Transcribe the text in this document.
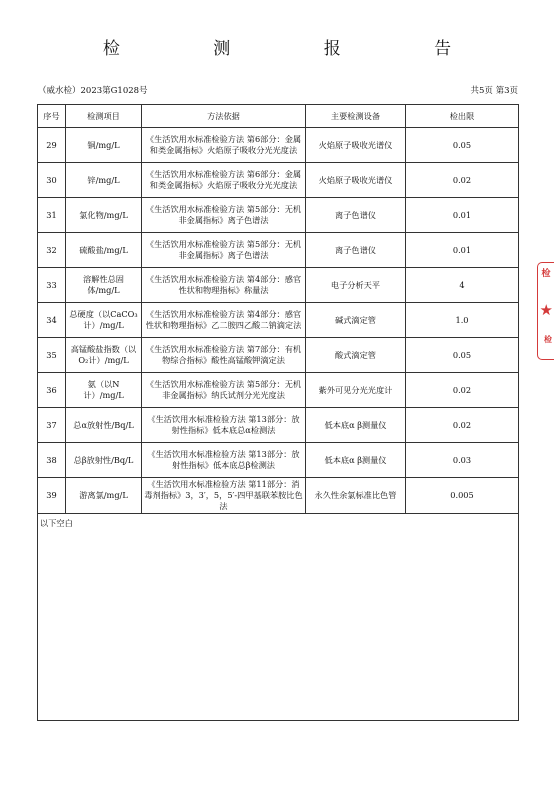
检 测 报 告
（威水检）2023第G1028号	共5页 第3页
序号	检测项目	方法依据	主要检测设备	检出限
29	铜/mg/L	《生活饮用水标准检验方法 第6部分：金属和类金属指标》火焰原子吸收分光光度法	火焰原子吸收光谱仪	0.05
30	锌/mg/L	《生活饮用水标准检验方法 第6部分：金属和类金属指标》火焰原子吸收分光光度法	火焰原子吸收光谱仪	0.02
31	氯化物/mg/L	《生活饮用水标准检验方法 第5部分：无机非金属指标》离子色谱法	离子色谱仪	0.01
32	硫酸盐/mg/L	《生活饮用水标准检验方法 第5部分：无机非金属指标》离子色谱法	离子色谱仪	0.01
33	溶解性总固体/mg/L	《生活饮用水标准检验方法 第4部分：感官性状和物理指标》称量法	电子分析天平	4
34	总硬度（以CaCO₃计）/mg/L	《生活饮用水标准检验方法 第4部分：感官性状和物理指标》乙二胺四乙酸二钠滴定法	碱式滴定管	1.0
35	高锰酸盐指数（以O₂计）/mg/L	《生活饮用水标准检验方法 第7部分：有机物综合指标》酸性高锰酸钾滴定法	酸式滴定管	0.05
36	氨（以N计）/mg/L	《生活饮用水标准检验方法 第5部分：无机非金属指标》纳氏试剂分光光度法	紫外可见分光光度计	0.02
37	总α放射性/Bq/L	《生活饮用水标准检验方法 第13部分：放射性指标》低本底总α检测法	低本底α β测量仪	0.02
38	总β放射性/Bq/L	《生活饮用水标准检验方法 第13部分：放射性指标》低本底总β检测法	低本底α β测量仪	0.03
39	游离氯/mg/L	《生活饮用水标准检验方法 第11部分：消毒剂指标》3，3′，5，5′-四甲基联苯胺比色法	永久性余氯标准比色管	0.005
以下空白				
检
★
检
